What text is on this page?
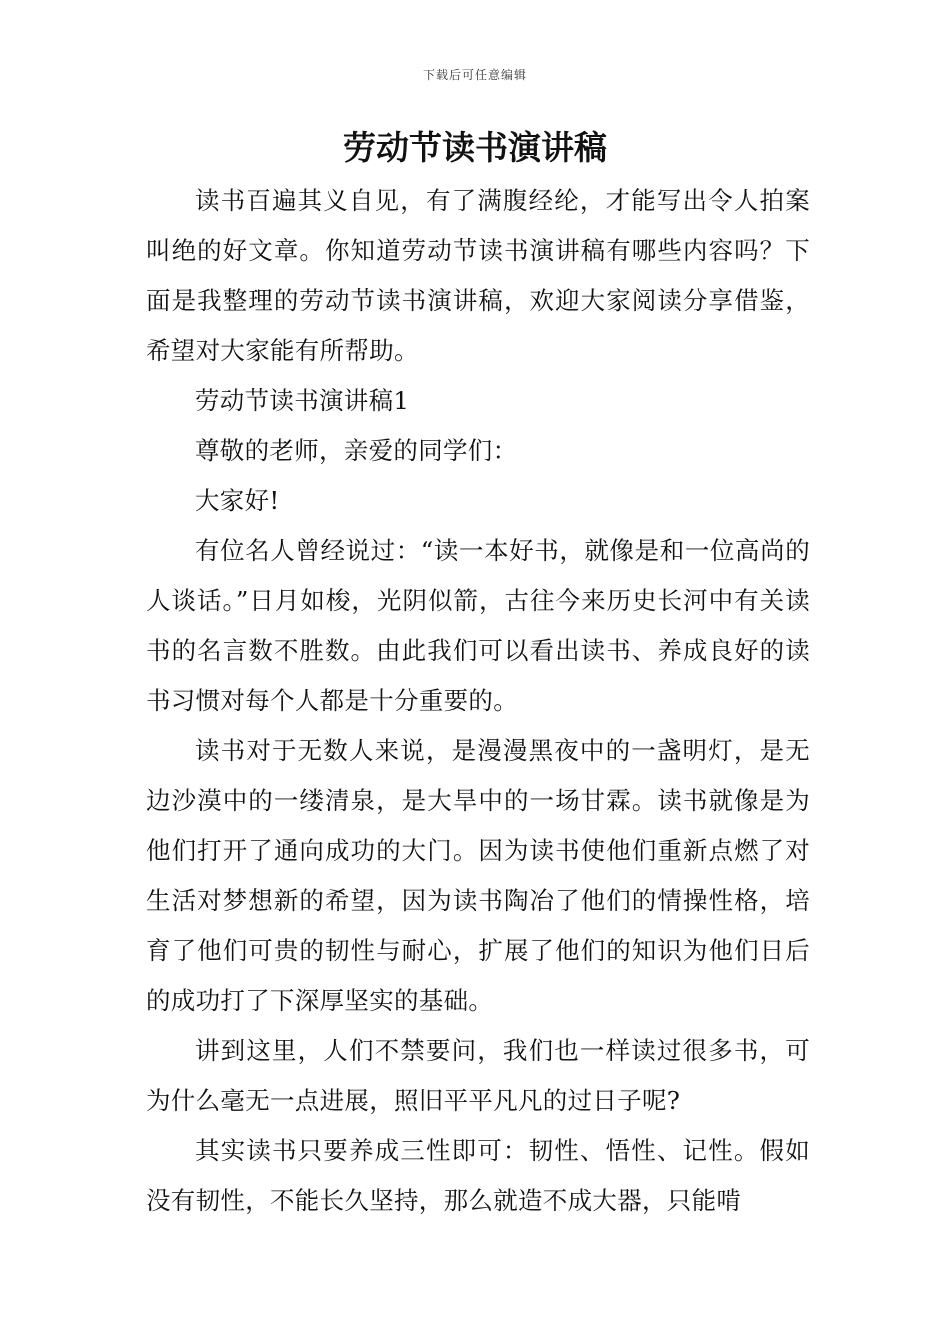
下载后可任意编辑
劳动节读书演讲稿

读书百遍其义自见，有了满腹经纶，才能写出令人拍案叫绝的好文章。你知道劳动节读书演讲稿有哪些内容吗？下面是我整理的劳动节读书演讲稿，欢迎大家阅读分享借鉴，希望对大家能有所帮助。

劳动节读书演讲稿1

尊敬的老师，亲爱的同学们：

大家好!

有位名人曾经说过：“读一本好书，就像是和一位高尚的人谈话。”日月如梭，光阴似箭，古往今来历史长河中有关读书的名言数不胜数。由此我们可以看出读书、养成良好的读书习惯对每个人都是十分重要的。

读书对于无数人来说，是漫漫黑夜中的一盏明灯，是无边沙漠中的一缕清泉，是大旱中的一场甘霖。读书就像是为他们打开了通向成功的大门。因为读书使他们重新点燃了对生活对梦想新的希望，因为读书陶冶了他们的情操性格，培育了他们可贵的韧性与耐心，扩展了他们的知识为他们日后的成功打了下深厚坚实的基础。

讲到这里，人们不禁要问，我们也一样读过很多书，可为什么毫无一点进展，照旧平平凡凡的过日子呢?

其实读书只要养成三性即可：韧性、悟性、记性。假如没有韧性，不能长久坚持，那么就造不成大器，只能啃
